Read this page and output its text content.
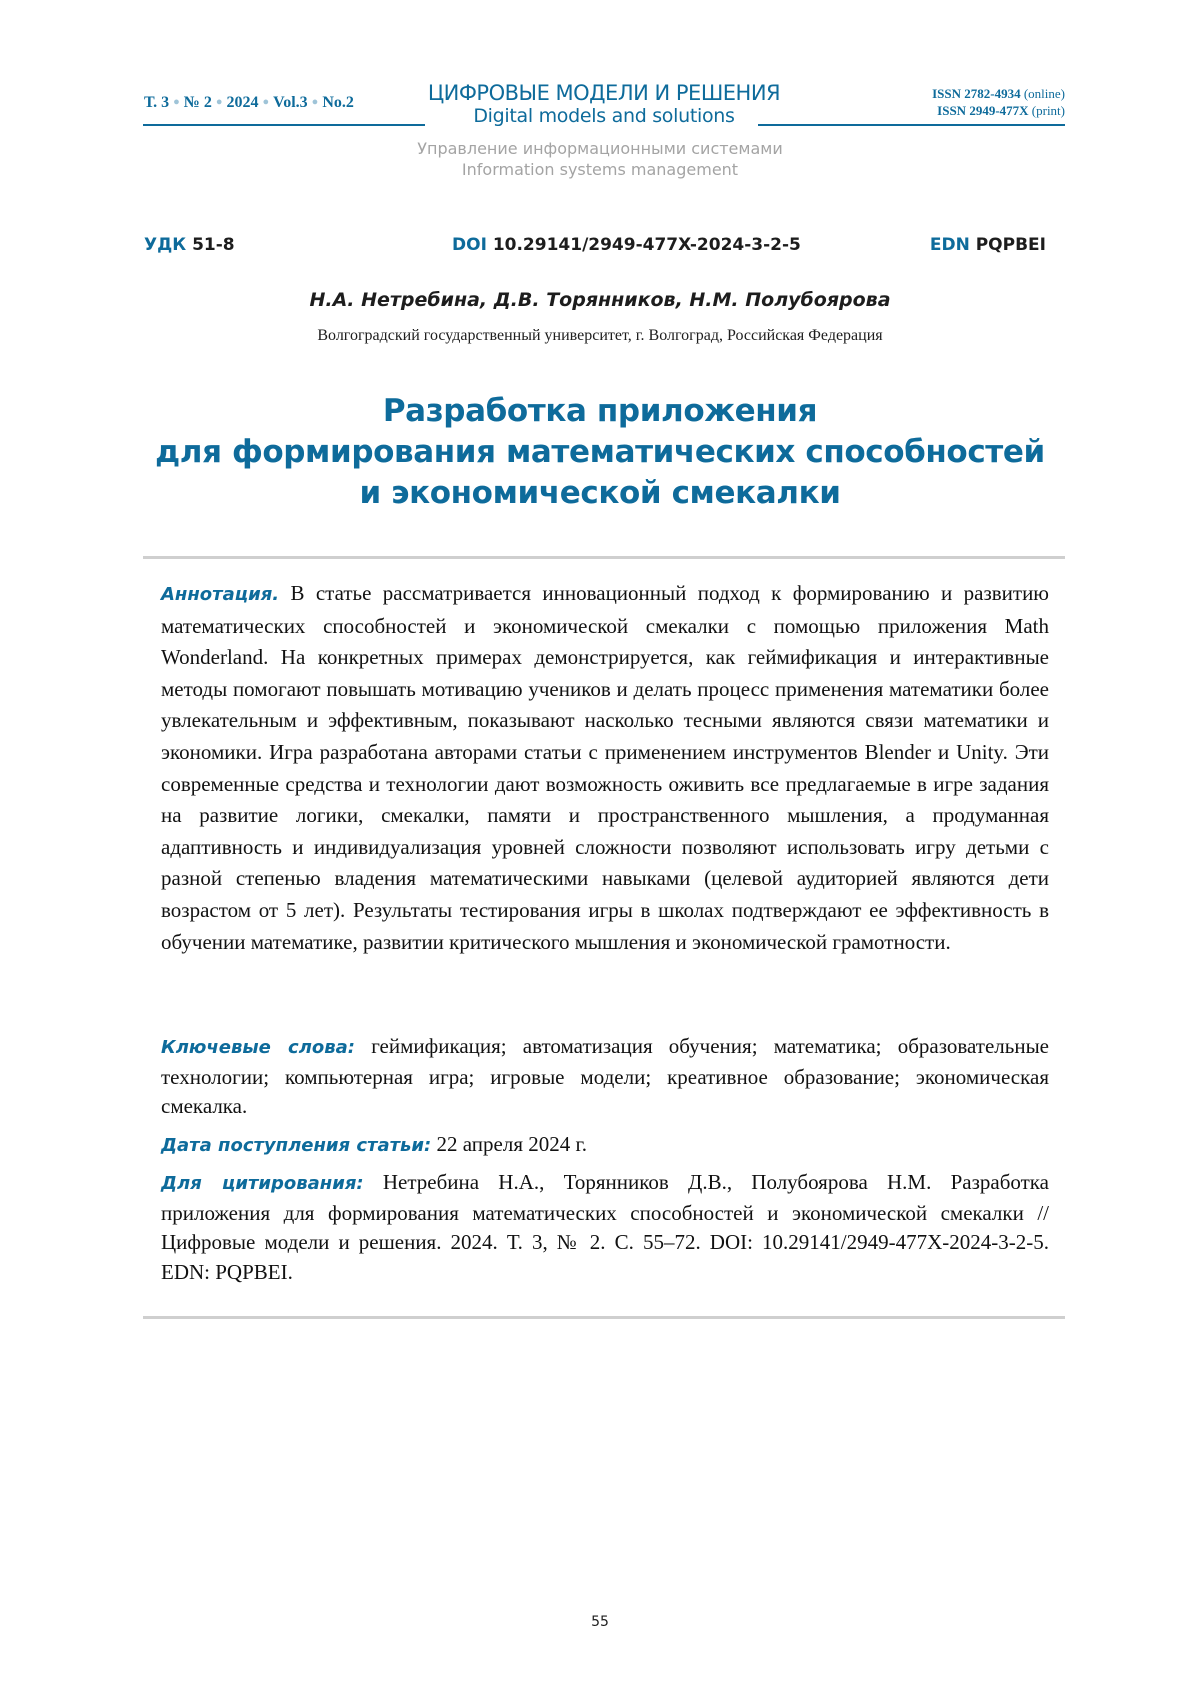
Т. 3 ● № 2 ● 2024 ● Vol.3 ● No.2	ЦИФРОВЫЕ МОДЕЛИ И РЕШЕНИЯ
Digital models and solutions
ISSN 2782-4934 (online)
ISSN 2949-477X (print)
Управление информационными системами
Information systems management
УДК 51-8	DOI 10.29141/2949-477X-2024-3-2-5	EDN PQPBEI
Н.А. Нетребина, Д.В. Торянников, Н.М. Полубоярова
Волгоградский государственный университет, г. Волгоград, Российская Федерация
Разработка приложения
для формирования математических способностей
и экономической смекалки
Аннотация. В статье рассматривается инновационный подход к формированию и развитию математических способностей и экономической смекалки с помощью приложения Math Wonderland. На конкретных примерах демонстрируется, как геймификация и интерактивные методы помогают повышать мотивацию учеников и делать процесс применения математики более увлекательным и эффективным, показывают насколько тесными являются связи математики и экономики. Игра разработана авторами статьи с применением инструментов Blender и Unity. Эти современные средства и технологии дают возможность оживить все предлагаемые в игре задания на развитие логики, смекалки, памяти и пространственного мышления, а продуманная адаптивность и индивидуализация уровней сложности позволяют использовать игру детьми с разной степенью владения математическими навыками (целевой аудиторией являются дети возрастом от 5 лет). Результаты тестирования игры в школах подтверждают ее эффективность в обучении математике, развитии критического мышления и экономической грамотности.
Ключевые слова: геймификация; автоматизация обучения; математика; образовательные технологии; компьютерная игра; игровые модели; креативное образование; экономическая смекалка.
Дата поступления статьи: 22 апреля 2024 г.
Для цитирования: Нетребина Н.А., Торянников Д.В., Полубоярова Н.М. Разработка приложения для формирования математических способностей и экономической смекалки // Цифровые модели и решения. 2024. Т. 3, № 2. С. 55–72. DOI: 10.29141/2949-477X-2024-3-2-5. EDN: PQPBEI.
55
